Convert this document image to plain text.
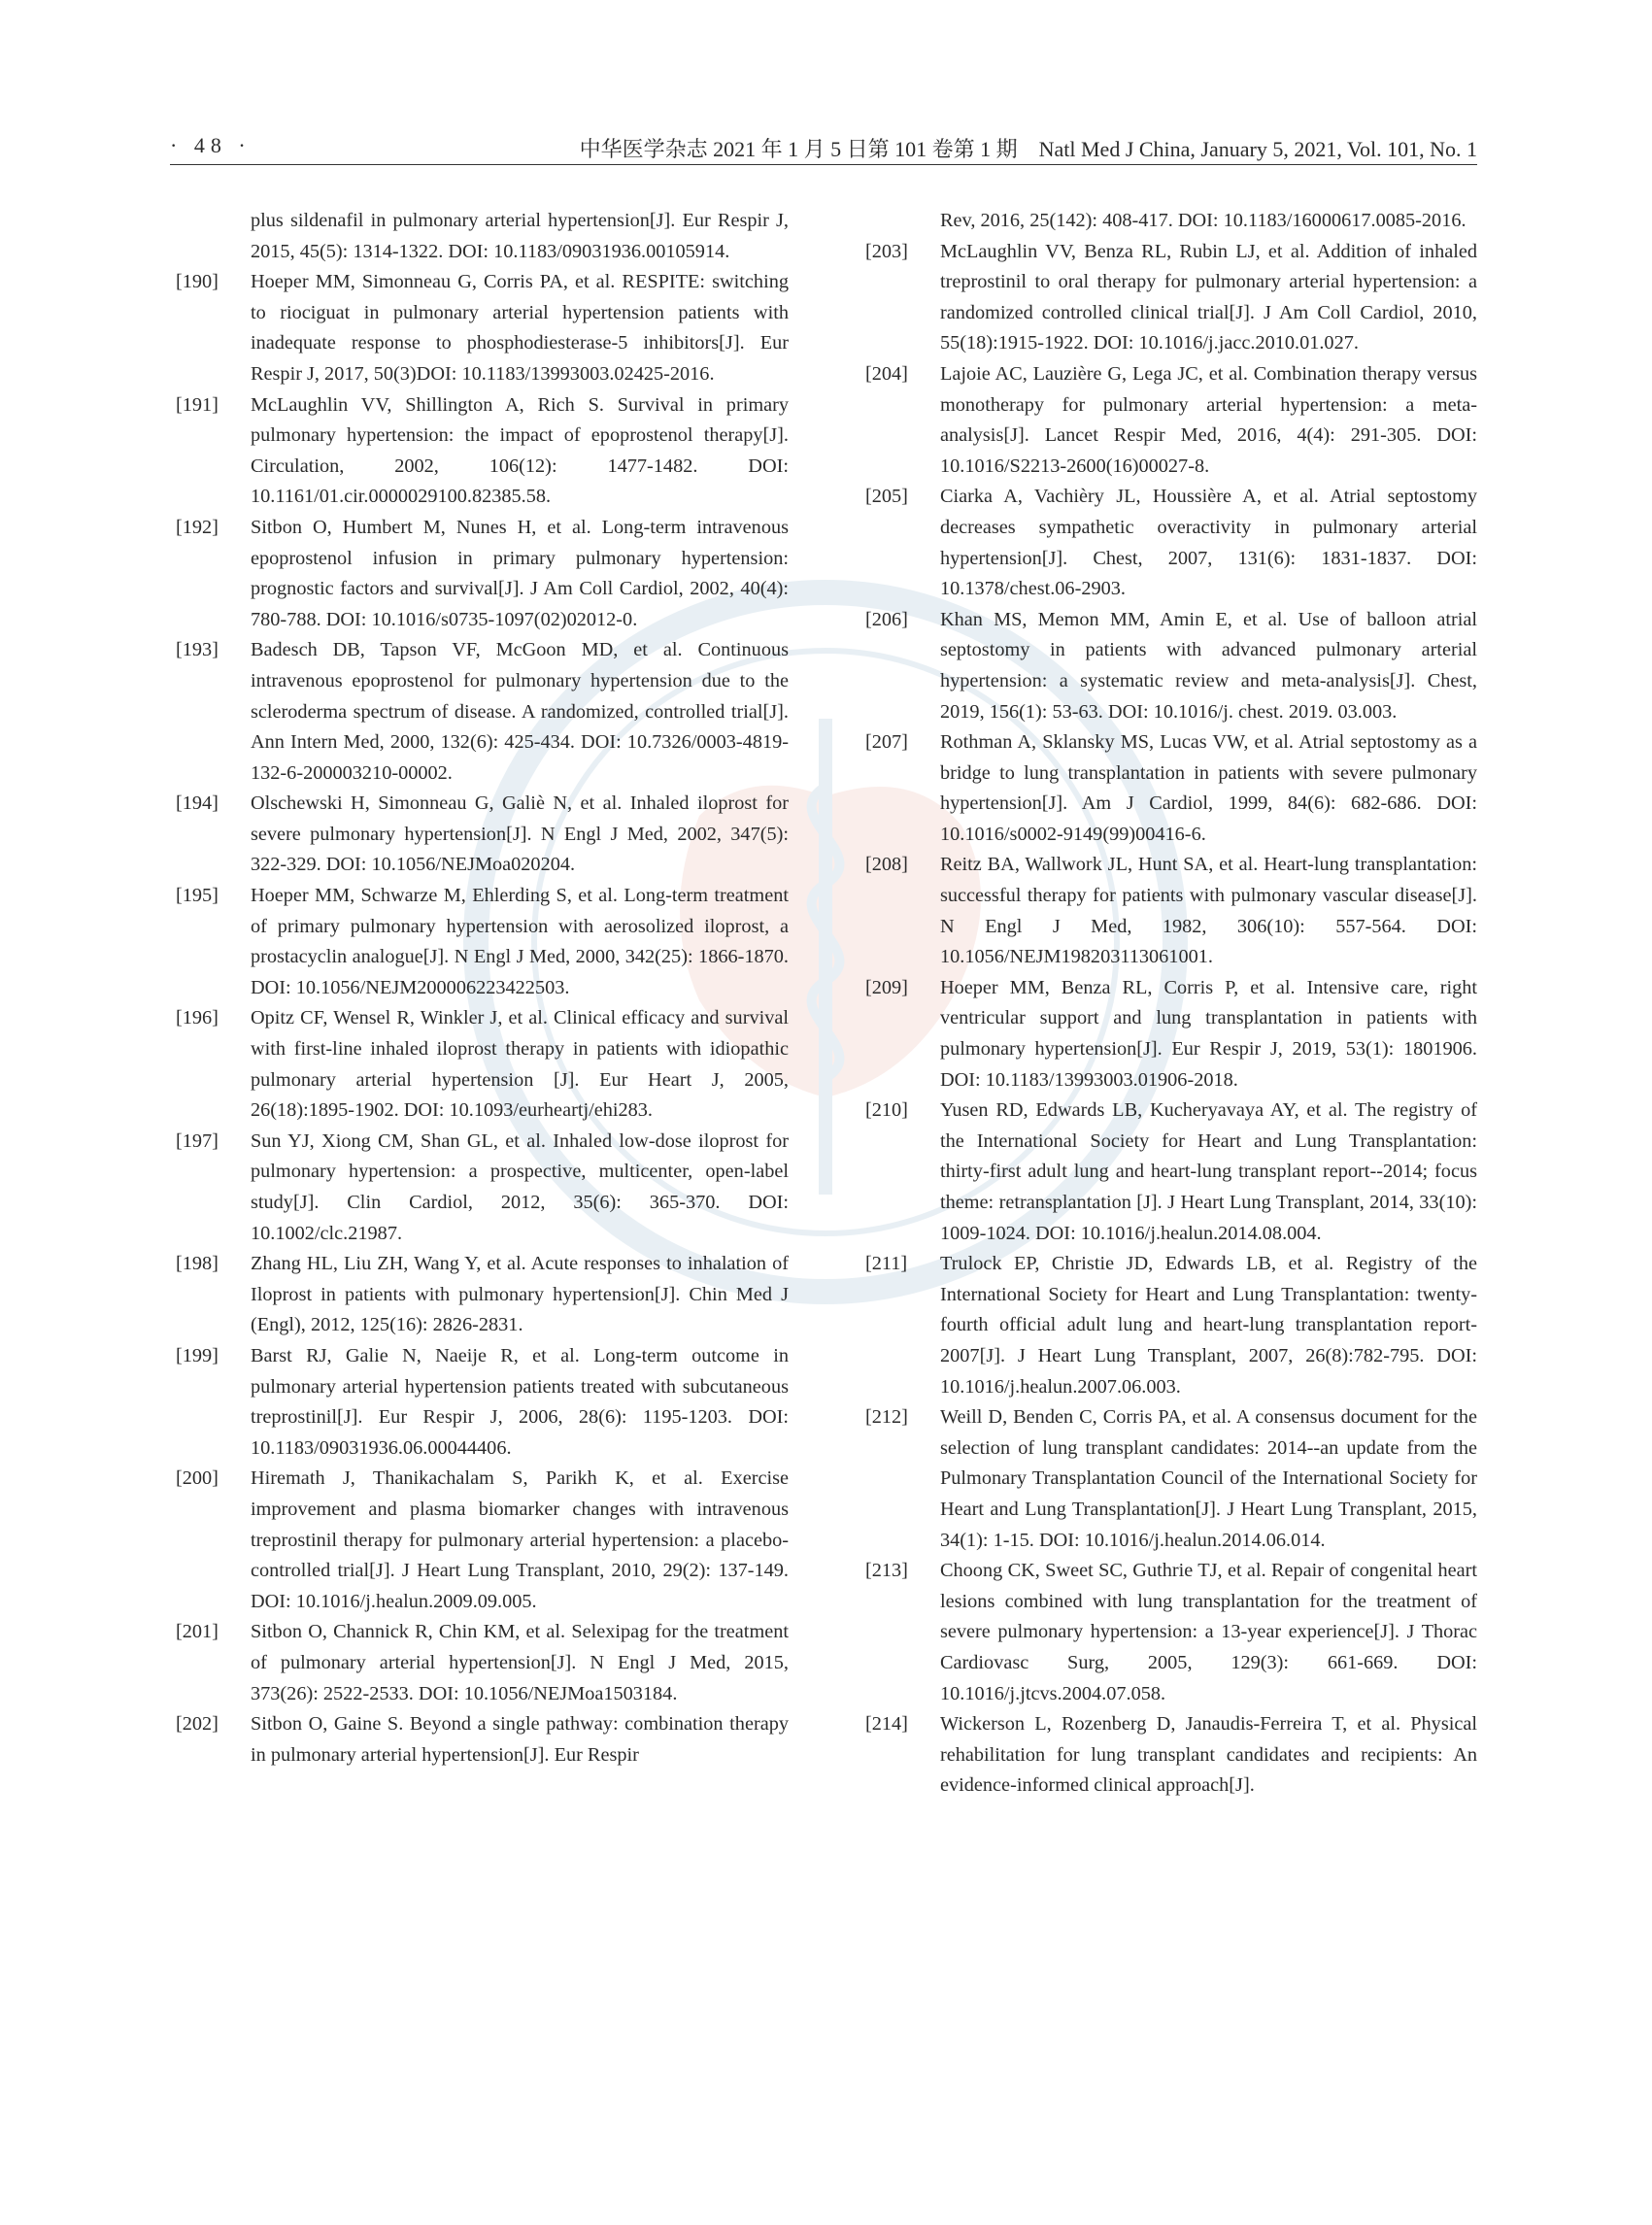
· 48 ·	中华医学杂志 2021 年 1 月 5 日第 101 卷第 1 期　Natl Med J China, January 5, 2021, Vol. 101, No. 1
plus sildenafil in pulmonary arterial hypertension[J]. Eur Respir J, 2015, 45(5): 1314-1322. DOI: 10.1183/09031936.00105914.
[190] Hoeper MM, Simonneau G, Corris PA, et al. RESPITE: switching to riociguat in pulmonary arterial hypertension patients with inadequate response to phosphodiesterase-5 inhibitors[J]. Eur Respir J, 2017, 50(3)DOI: 10.1183/13993003.02425-2016.
[191] McLaughlin VV, Shillington A, Rich S. Survival in primary pulmonary hypertension: the impact of epoprostenol therapy[J]. Circulation, 2002, 106(12): 1477-1482. DOI: 10.1161/01.cir.0000029100.82385.58.
[192] Sitbon O, Humbert M, Nunes H, et al. Long-term intravenous epoprostenol infusion in primary pulmonary hypertension: prognostic factors and survival[J]. J Am Coll Cardiol, 2002, 40(4): 780-788. DOI: 10.1016/s0735-1097(02)02012-0.
[193] Badesch DB, Tapson VF, McGoon MD, et al. Continuous intravenous epoprostenol for pulmonary hypertension due to the scleroderma spectrum of disease. A randomized, controlled trial[J]. Ann Intern Med, 2000, 132(6): 425-434. DOI: 10.7326/0003-4819-132-6-200003210-00002.
[194] Olschewski H, Simonneau G, Galiè N, et al. Inhaled iloprost for severe pulmonary hypertension[J]. N Engl J Med, 2002, 347(5): 322-329. DOI: 10.1056/NEJMoa020204.
[195] Hoeper MM, Schwarze M, Ehlerding S, et al. Long-term treatment of primary pulmonary hypertension with aerosolized iloprost, a prostacyclin analogue[J]. N Engl J Med, 2000, 342(25): 1866-1870. DOI: 10.1056/NEJM200006223422503.
[196] Opitz CF, Wensel R, Winkler J, et al. Clinical efficacy and survival with first-line inhaled iloprost therapy in patients with idiopathic pulmonary arterial hypertension [J]. Eur Heart J, 2005, 26(18):1895-1902. DOI: 10.1093/eurheartj/ehi283.
[197] Sun YJ, Xiong CM, Shan GL, et al. Inhaled low-dose iloprost for pulmonary hypertension: a prospective, multicenter, open-label study[J]. Clin Cardiol, 2012, 35(6): 365-370. DOI: 10.1002/clc.21987.
[198] Zhang HL, Liu ZH, Wang Y, et al. Acute responses to inhalation of Iloprost in patients with pulmonary hypertension[J]. Chin Med J (Engl), 2012, 125(16): 2826-2831.
[199] Barst RJ, Galie N, Naeije R, et al. Long-term outcome in pulmonary arterial hypertension patients treated with subcutaneous treprostinil[J]. Eur Respir J, 2006, 28(6): 1195-1203. DOI: 10.1183/09031936.06.00044406.
[200] Hiremath J, Thanikachalam S, Parikh K, et al. Exercise improvement and plasma biomarker changes with intravenous treprostinil therapy for pulmonary arterial hypertension: a placebo-controlled trial[J]. J Heart Lung Transplant, 2010, 29(2): 137-149. DOI: 10.1016/j.healun.2009.09.005.
[201] Sitbon O, Channick R, Chin KM, et al. Selexipag for the treatment of pulmonary arterial hypertension[J]. N Engl J Med, 2015, 373(26): 2522-2533. DOI: 10.1056/NEJMoa1503184.
[202] Sitbon O, Gaine S. Beyond a single pathway: combination therapy in pulmonary arterial hypertension[J]. Eur Respir
Rev, 2016, 25(142): 408-417. DOI: 10.1183/16000617.0085-2016.
[203] McLaughlin VV, Benza RL, Rubin LJ, et al. Addition of inhaled treprostinil to oral therapy for pulmonary arterial hypertension: a randomized controlled clinical trial[J]. J Am Coll Cardiol, 2010, 55(18):1915-1922. DOI: 10.1016/j.jacc.2010.01.027.
[204] Lajoie AC, Lauzière G, Lega JC, et al. Combination therapy versus monotherapy for pulmonary arterial hypertension: a meta-analysis[J]. Lancet Respir Med, 2016, 4(4): 291-305. DOI: 10.1016/S2213-2600(16)00027-8.
[205] Ciarka A, Vachièry JL, Houssière A, et al. Atrial septostomy decreases sympathetic overactivity in pulmonary arterial hypertension[J]. Chest, 2007, 131(6): 1831-1837. DOI: 10.1378/chest.06-2903.
[206] Khan MS, Memon MM, Amin E, et al. Use of balloon atrial septostomy in patients with advanced pulmonary arterial hypertension: a systematic review and meta-analysis[J]. Chest, 2019, 156(1): 53-63. DOI: 10.1016/j. chest. 2019. 03.003.
[207] Rothman A, Sklansky MS, Lucas VW, et al. Atrial septostomy as a bridge to lung transplantation in patients with severe pulmonary hypertension[J]. Am J Cardiol, 1999, 84(6): 682-686. DOI: 10.1016/s0002-9149(99)00416-6.
[208] Reitz BA, Wallwork JL, Hunt SA, et al. Heart-lung transplantation: successful therapy for patients with pulmonary vascular disease[J]. N Engl J Med, 1982, 306(10): 557-564. DOI: 10.1056/NEJM198203113061001.
[209] Hoeper MM, Benza RL, Corris P, et al. Intensive care, right ventricular support and lung transplantation in patients with pulmonary hypertension[J]. Eur Respir J, 2019, 53(1): 1801906. DOI: 10.1183/13993003.01906-2018.
[210] Yusen RD, Edwards LB, Kucheryavaya AY, et al. The registry of the International Society for Heart and Lung Transplantation: thirty-first adult lung and heart-lung transplant report--2014; focus theme: retransplantation [J]. J Heart Lung Transplant, 2014, 33(10): 1009-1024. DOI: 10.1016/j.healun.2014.08.004.
[211] Trulock EP, Christie JD, Edwards LB, et al. Registry of the International Society for Heart and Lung Transplantation: twenty-fourth official adult lung and heart-lung transplantation report-2007[J]. J Heart Lung Transplant, 2007, 26(8):782-795. DOI: 10.1016/j.healun.2007.06.003.
[212] Weill D, Benden C, Corris PA, et al. A consensus document for the selection of lung transplant candidates: 2014--an update from the Pulmonary Transplantation Council of the International Society for Heart and Lung Transplantation[J]. J Heart Lung Transplant, 2015, 34(1): 1-15. DOI: 10.1016/j.healun.2014.06.014.
[213] Choong CK, Sweet SC, Guthrie TJ, et al. Repair of congenital heart lesions combined with lung transplantation for the treatment of severe pulmonary hypertension: a 13-year experience[J]. J Thorac Cardiovasc Surg, 2005, 129(3): 661-669. DOI: 10.1016/j.jtcvs.2004.07.058.
[214] Wickerson L, Rozenberg D, Janaudis-Ferreira T, et al. Physical rehabilitation for lung transplant candidates and recipients: An evidence-informed clinical approach[J].
